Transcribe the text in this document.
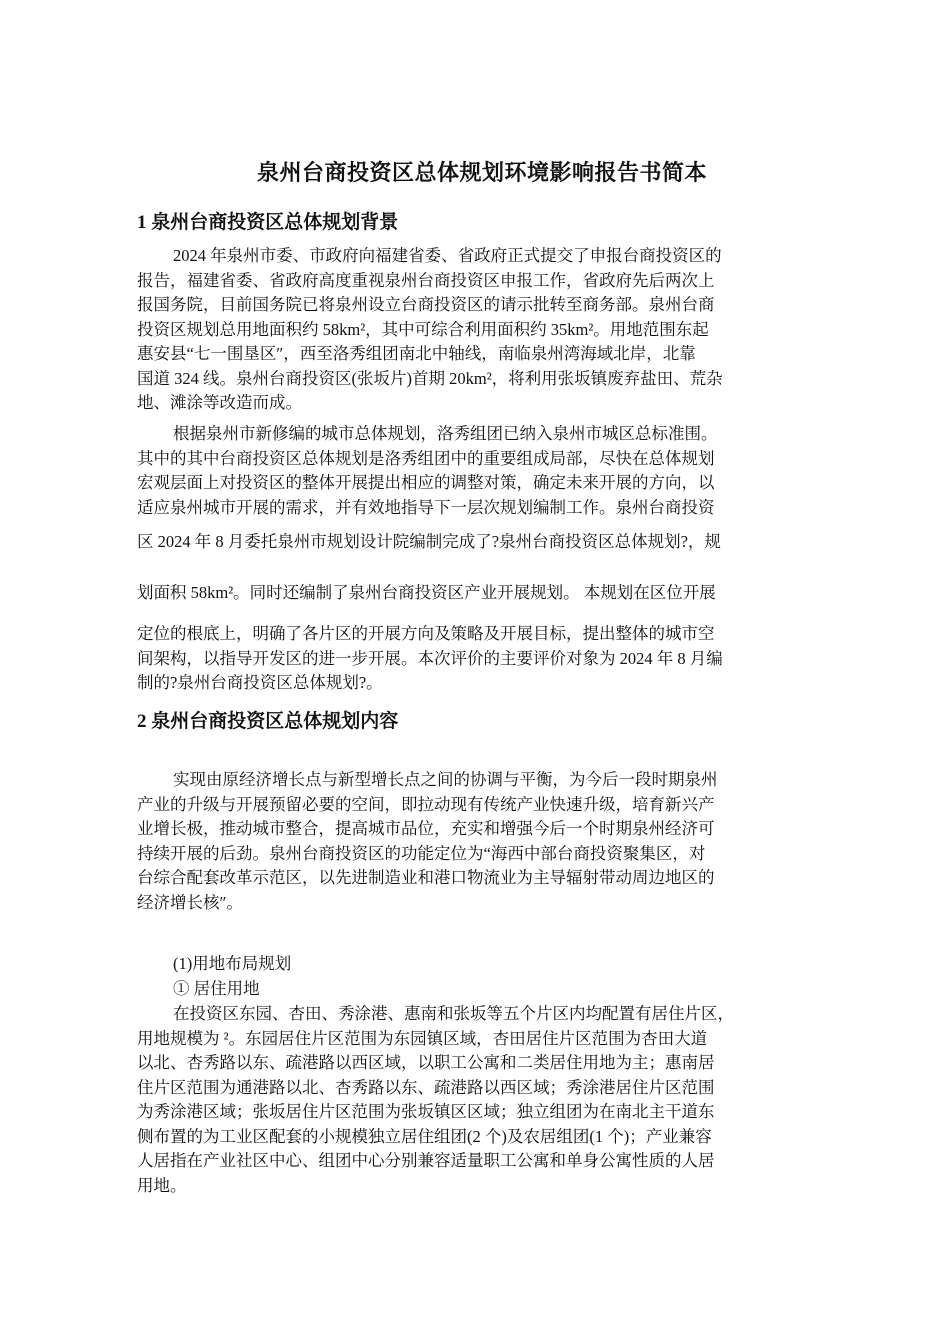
泉州台商投资区总体规划环境影响报告书简本
1 泉州台商投资区总体规划背景

2024 年泉州市委、市政府向福建省委、省政府正式提交了申报台商投资区的
报告，福建省委、省政府高度重视泉州台商投资区申报工作，省政府先后两次上
报国务院，目前国务院已将泉州设立台商投资区的请示批转至商务部。泉州台商
投资区规划总用地面积约 58km²，其中可综合利用面积约 35km²。用地范围东起
惠安县“七一围垦区″，西至洛秀组团南北中轴线，南临泉州湾海域北岸，北靠
国道 324 线。泉州台商投资区(张坂片)首期 20km²，将利用张坂镇废弃盐田、荒杂
地、滩涂等改造而成。

根据泉州市新修编的城市总体规划，洛秀组团已纳入泉州市城区总标准围。
其中的其中台商投资区总体规划是洛秀组团中的重要组成局部，尽快在总体规划
宏观层面上对投资区的整体开展提出相应的调整对策，确定未来开展的方向，以
适应泉州城市开展的需求，并有效地指导下一层次规划编制工作。泉州台商投资

区 2024 年 8 月委托泉州市规划设计院编制完成了?泉州台商投资区总体规划?，规

划面积 58km²。同时还编制了泉州台商投资区产业开展规划。 本规划在区位开展

定位的根底上，明确了各片区的开展方向及策略及开展目标，提出整体的城市空
间架构，以指导开发区的进一步开展。本次评价的主要评价对象为 2024 年 8 月编
制的?泉州台商投资区总体规划?。

2 泉州台商投资区总体规划内容

实现由原经济增长点与新型增长点之间的协调与平衡，为今后一段时期泉州
产业的升级与开展预留必要的空间，即拉动现有传统产业快速升级，培育新兴产
业增长极，推动城市整合，提高城市品位，充实和增强今后一个时期泉州经济可
持续开展的后劲。泉州台商投资区的功能定位为“海西中部台商投资聚集区，对
台综合配套改革示范区，以先进制造业和港口物流业为主导辐射带动周边地区的
经济增长核″。

(1)用地布局规划

① 居住用地

在投资区东园、杏田、秀涂港、惠南和张坂等五个片区内均配置有居住片区，
用地规模为 ²。东园居住片区范围为东园镇区域，杏田居住片区范围为杏田大道
以北、杏秀路以东、疏港路以西区域，以职工公寓和二类居住用地为主；惠南居
住片区范围为通港路以北、杏秀路以东、疏港路以西区域；秀涂港居住片区范围
为秀涂港区域；张坂居住片区范围为张坂镇区区域；独立组团为在南北主干道东
侧布置的为工业区配套的小规模独立居住组团(2 个)及农居组团(1 个)；产业兼容
人居指在产业社区中心、组团中心分别兼容适量职工公寓和单身公寓性质的人居
用地。
